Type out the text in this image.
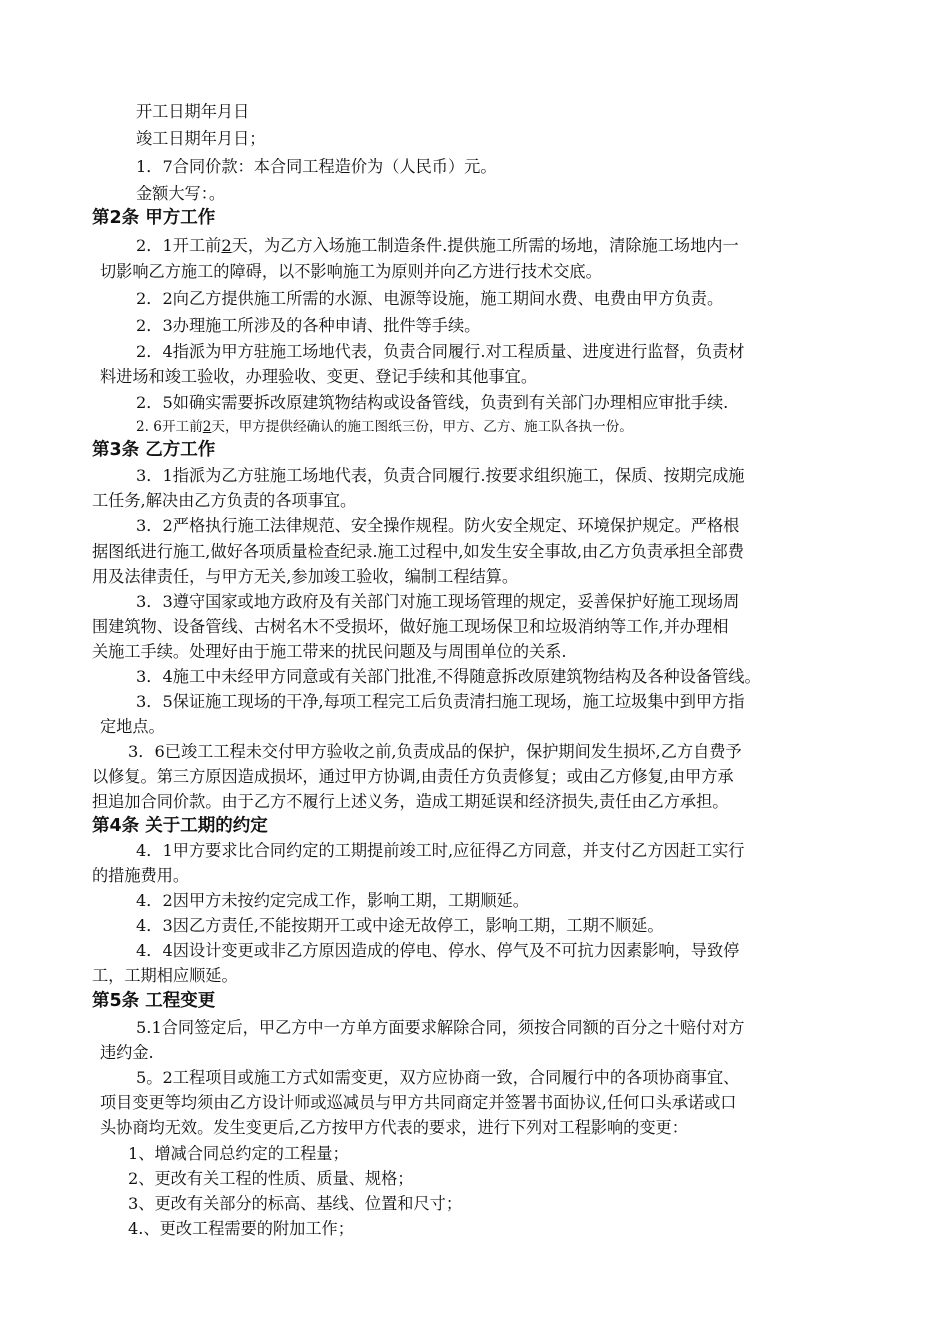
开工日期年月日
竣工日期年月日；
1．7合同价款：本合同工程造价为（人民币）元。
金额大写：。
第2条 甲方工作
2．1开工前2天，为乙方入场施工制造条件.提供施工所需的场地，清除施工场地内一
切影响乙方施工的障碍，以不影响施工为原则并向乙方进行技术交底。
2．2向乙方提供施工所需的水源、电源等设施，施工期间水费、电费由甲方负责。
2．3办理施工所涉及的各种申请、批件等手续。
2．4指派为甲方驻施工场地代表，负责合同履行.对工程质量、进度进行监督，负责材
料进场和竣工验收，办理验收、变更、登记手续和其他事宜。
2．5如确实需要拆改原建筑物结构或设备管线，负责到有关部门办理相应审批手续.
2. 6开工前2天，甲方提供经确认的施工图纸三份，甲方、乙方、施工队各执一份。
第3条 乙方工作
3．1指派为乙方驻施工场地代表，负责合同履行.按要求组织施工，保质、按期完成施
工任务,解决由乙方负责的各项事宜。
3．2严格执行施工法律规范、安全操作规程。防火安全规定、环境保护规定。严格根
据图纸进行施工,做好各项质量检查纪录.施工过程中,如发生安全事故,由乙方负责承担全部费
用及法律责任，与甲方无关,参加竣工验收，编制工程结算。
3．3遵守国家或地方政府及有关部门对施工现场管理的规定，妥善保护好施工现场周
围建筑物、设备管线、古树名木不受损坏，做好施工现场保卫和垃圾消纳等工作,并办理相
关施工手续。处理好由于施工带来的扰民问题及与周围单位的关系.
3．4施工中未经甲方同意或有关部门批准,不得随意拆改原建筑物结构及各种设备管线。
3．5保证施工现场的干净,每项工程完工后负责清扫施工现场，施工垃圾集中到甲方指
定地点。
3．6已竣工工程未交付甲方验收之前,负责成品的保护，保护期间发生损坏,乙方自费予
以修复。第三方原因造成损坏，通过甲方协调,由责任方负责修复；或由乙方修复,由甲方承
担追加合同价款。由于乙方不履行上述义务，造成工期延误和经济损失,责任由乙方承担。
第4条 关于工期的约定
4．1甲方要求比合同约定的工期提前竣工时,应征得乙方同意，并支付乙方因赶工实行
的措施费用。
4．2因甲方未按约定完成工作，影响工期，工期顺延。
4．3因乙方责任,不能按期开工或中途无故停工，影响工期，工期不顺延。
4．4因设计变更或非乙方原因造成的停电、停水、停气及不可抗力因素影响，导致停
工，工期相应顺延。
第5条 工程变更
5.1合同签定后，甲乙方中一方单方面要求解除合同，须按合同额的百分之十赔付对方
违约金.
5。2工程项目或施工方式如需变更，双方应协商一致，合同履行中的各项协商事宜、
项目变更等均须由乙方设计师或巡减员与甲方共同商定并签署书面协议,任何口头承诺或口
头协商均无效。发生变更后,乙方按甲方代表的要求，进行下列对工程影响的变更：
1、增减合同总约定的工程量；
2、更改有关工程的性质、质量、规格；
3、更改有关部分的标高、基线、位置和尺寸；
4.、更改工程需要的附加工作；
